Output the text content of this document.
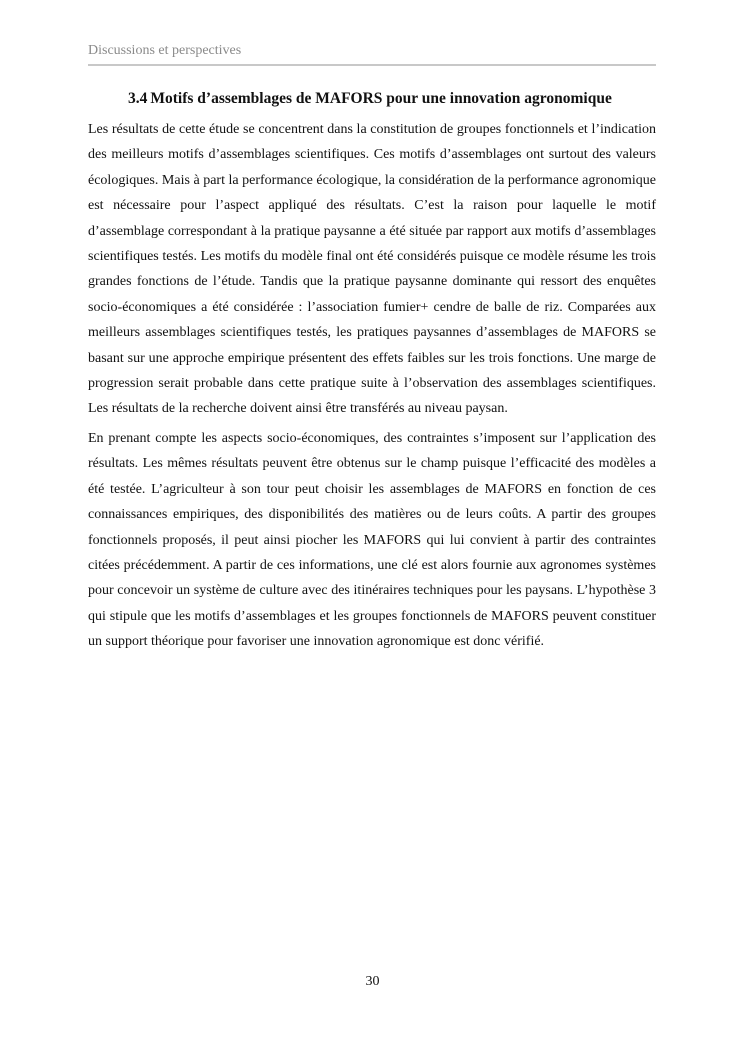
Discussions et perspectives
3.4 Motifs d’assemblages de MAFORS pour une innovation agronomique

Les résultats de cette étude se concentrent dans la constitution de groupes fonctionnels et l’indication des meilleurs motifs d’assemblages scientifiques. Ces motifs d’assemblages ont surtout des valeurs écologiques. Mais à part la performance écologique, la considération de la performance agronomique est nécessaire pour l’aspect appliqué des résultats. C’est la raison pour laquelle le motif d’assemblage correspondant à la pratique paysanne a été située par rapport aux motifs d’assemblages scientifiques testés. Les motifs du modèle final ont été considérés puisque ce modèle résume les trois grandes fonctions de l’étude. Tandis que la pratique paysanne dominante qui ressort des enquêtes socio-économiques a été considérée : l’association fumier+ cendre de balle de riz. Comparées aux meilleurs assemblages scientifiques testés, les pratiques paysannes d’assemblages de MAFORS se basant sur une approche empirique présentent des effets faibles sur les trois fonctions. Une marge de progression serait probable dans cette pratique suite à l’observation des assemblages scientifiques. Les résultats de la recherche doivent ainsi être transférés au niveau paysan.

En prenant compte les aspects socio-économiques, des contraintes s’imposent sur l’application des résultats. Les mêmes résultats peuvent être obtenus sur le champ puisque l’efficacité des modèles a été testée. L’agriculteur à son tour peut choisir les assemblages de MAFORS en fonction de ces connaissances empiriques, des disponibilités des matières ou de leurs coûts. A partir des groupes fonctionnels proposés, il peut ainsi piocher les MAFORS qui lui convient à partir des contraintes citées précédemment. A partir de ces informations, une clé est alors fournie aux agronomes systèmes pour concevoir un système de culture avec des itinéraires techniques pour les paysans. L’hypothèse 3 qui stipule que les motifs d’assemblages et les groupes fonctionnels de MAFORS peuvent constituer un support théorique pour favoriser une innovation agronomique est donc vérifié.

30
